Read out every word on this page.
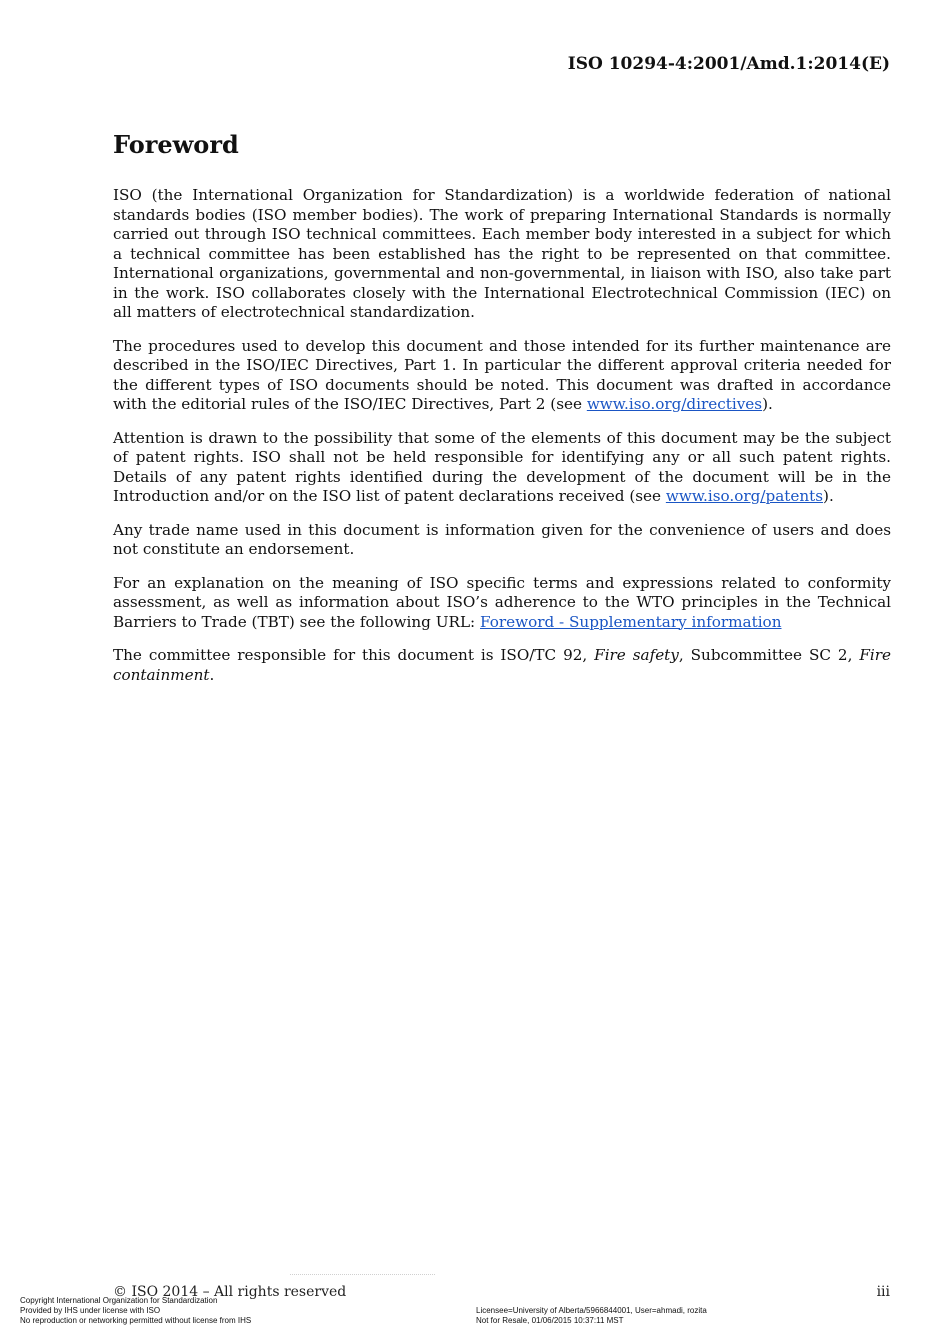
ISO 10294-4:2001/Amd.1:2014(E)
Foreword

ISO (the International Organization for Standardization) is a worldwide federation of national standards bodies (ISO member bodies). The work of preparing International Standards is normally carried out through ISO technical committees. Each member body interested in a subject for which a technical committee has been established has the right to be represented on that committee. International organizations, governmental and non-governmental, in liaison with ISO, also take part in the work. ISO collaborates closely with the International Electrotechnical Commission (IEC) on all matters of electrotechnical standardization.

The procedures used to develop this document and those intended for its further maintenance are described in the ISO/IEC Directives, Part 1. In particular the different approval criteria needed for the different types of ISO documents should be noted. This document was drafted in accordance with the editorial rules of the ISO/IEC Directives, Part 2 (see www.iso.org/directives).

Attention is drawn to the possibility that some of the elements of this document may be the subject of patent rights. ISO shall not be held responsible for identifying any or all such patent rights. Details of any patent rights identified during the development of the document will be in the Introduction and/or on the ISO list of patent declarations received (see www.iso.org/patents).

Any trade name used in this document is information given for the convenience of users and does not constitute an endorsement.

For an explanation on the meaning of ISO specific terms and expressions related to conformity assessment, as well as information about ISO’s adherence to the WTO principles in the Technical Barriers to Trade (TBT) see the following URL: Foreword - Supplementary information

The committee responsible for this document is ISO/TC 92, Fire safety, Subcommittee SC 2, Fire containment.

© ISO 2014 – All rights reserved	iii
Copyright International Organization for Standardization
Provided by IHS under license with ISO
No reproduction or networking permitted without license from IHS
Licensee=University of Alberta/5966844001, User=ahmadi, rozita
Not for Resale, 01/06/2015 10:37:11 MST
